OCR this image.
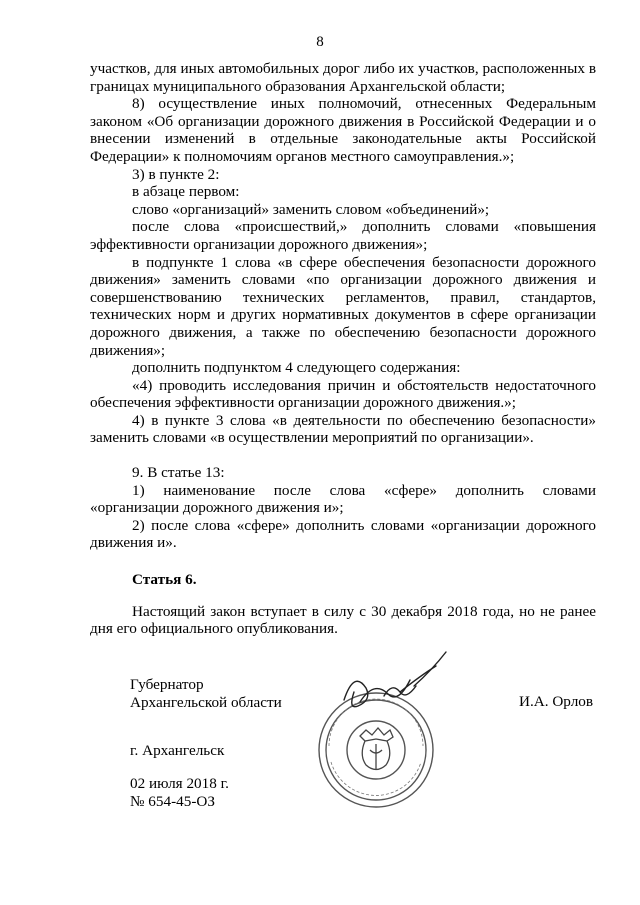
8

участков, для иных автомобильных дорог либо их участков, расположенных в границах муниципального образования Архангельской области;

8) осуществление иных полномочий, отнесенных Федеральным законом «Об организации дорожного движения в Российской Федерации и о внесении изменений в отдельные законодательные акты Российской Федерации» к полномочиям органов местного самоуправления.»;

3) в пункте 2:

в абзаце первом:

слово «организаций» заменить словом «объединений»;

после слова «происшествий,» дополнить словами «повышения эффективности организации дорожного движения»;

в подпункте 1 слова «в сфере обеспечения безопасности дорожного движения» заменить словами «по организации дорожного движения и совершенствованию технических регламентов, правил, стандартов, технических норм и других нормативных документов в сфере организации дорожного движения, а также по обеспечению безопасности дорожного движения»;

дополнить подпунктом 4 следующего содержания:

«4) проводить исследования причин и обстоятельств недостаточного обеспечения эффективности организации дорожного движения.»;

4) в пункте 3 слова «в деятельности по обеспечению безопасности» заменить словами «в осуществлении мероприятий по организации».

9. В статье 13:

1) наименование после слова «сфере» дополнить словами «организации дорожного движения и»;

2) после слова «сфере» дополнить словами «организации дорожного движения и».

Статья 6.

Настоящий закон вступает в силу с 30 декабря 2018 года, но не ранее дня его официального опубликования.

Губернатор
Архангельской области	И.А. Орлов
г. Архангельск
02 июля 2018 г.
№ 654-45-ОЗ
